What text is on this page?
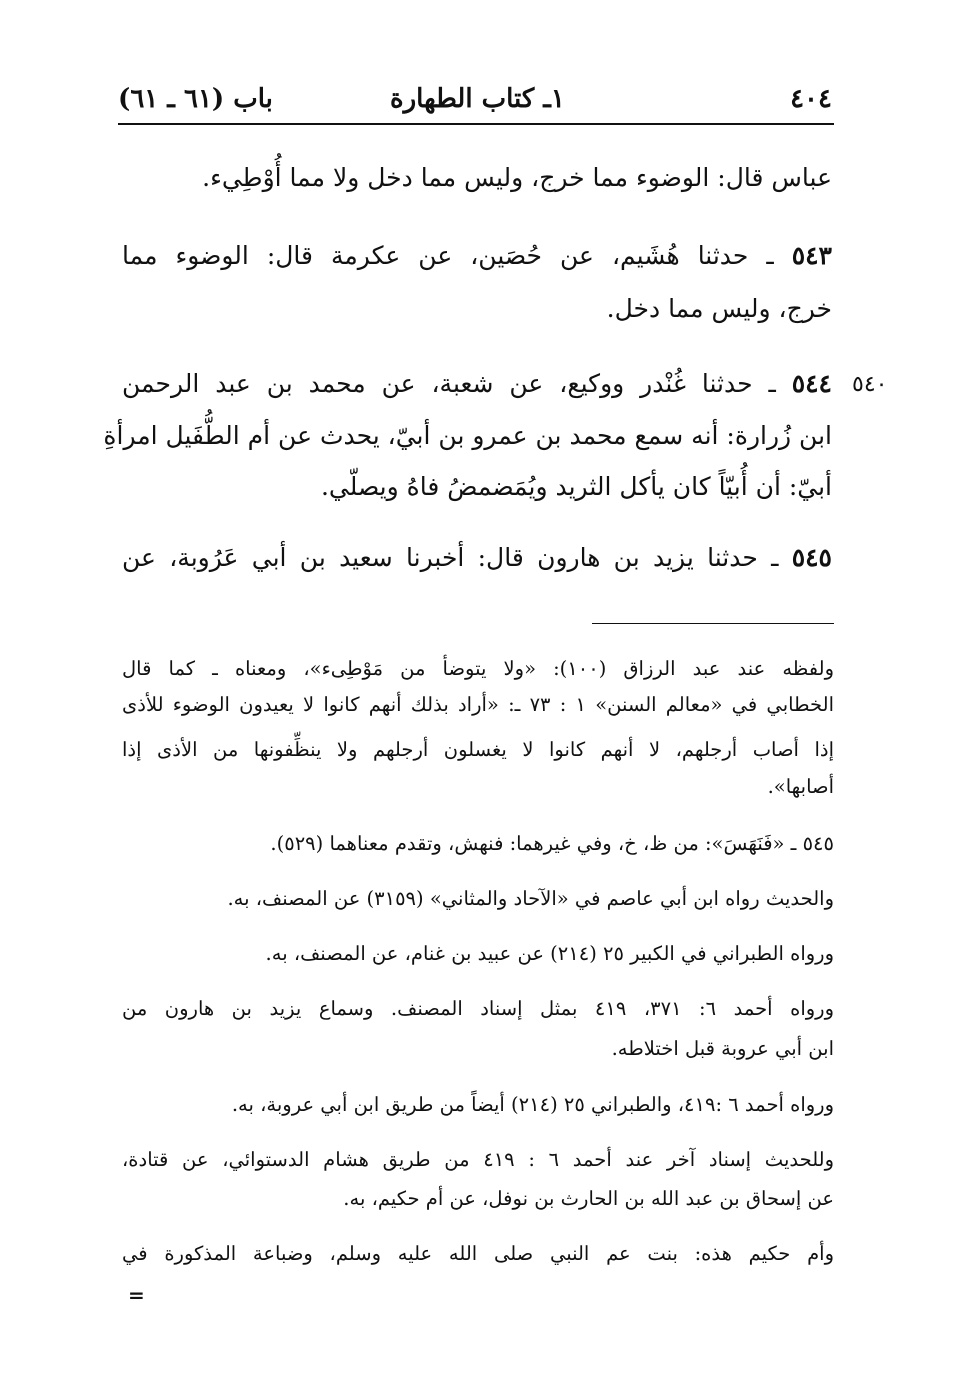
٤٠٤
١ـ كتاب الطهارة
باب (٦١ ـ ٦١)
عباس قال: الوضوء مما خرج، وليس مما دخل ولا مما أُوْطِيء.
٥٤٣ ـ حدثنا هُشَيم، عن حُصَين، عن عكرمة قال: الوضوء مما
خرج، وليس مما دخل.
٥٤٠
٥٤٤ ـ حدثنا غُنْدر ووكيع، عن شعبة، عن محمد بن عبد الرحمن
ابن زُرارة: أنه سمع محمد بن عمرو بن أبيّ، يحدث عن أم الطُّفَيل امرأةِ
أبيّ: أن أُبيّاً كان يأكل الثريد ويُمَضمضُ فاهُ ويصلّي.
٥٤٥ ـ حدثنا يزيد بن هارون قال: أخبرنا سعيد بن أبي عَرُوبة، عن
ولفظه عند عبد الرزاق (١٠٠): «ولا يتوضأ من مَوْطِىء»، ومعناه ـ كما قال
الخطابي في «معالم السنن» ١ : ٧٣ ـ: «أراد بذلك أنهم كانوا لا يعيدون الوضوء للأذى
إذا أصاب أرجلهم، لا أنهم كانوا لا يغسلون أرجلهم ولا ينظِّفونها من الأذى إذا
أصابها».
٥٤٥ ـ «فَنَهَسَ»: من ظ، خ، وفي غيرهما: فنهش، وتقدم معناهما (٥٢٩).
والحديث رواه ابن أبي عاصم في «الآحاد والمثاني» (٣١٥٩) عن المصنف، به.
ورواه الطبراني في الكبير ٢٥ (٢١٤) عن عبيد بن غنام، عن المصنف، به.
ورواه أحمد ٦: ٣٧١، ٤١٩ بمثل إسناد المصنف. وسماع يزيد بن هارون من
ابن أبي عروبة قبل اختلاطه.
ورواه أحمد ٦ :٤١٩، والطبراني ٢٥ (٢١٤) أيضاً من طريق ابن أبي عروبة، به.
وللحديث إسناد آخر عند أحمد ٦ : ٤١٩ من طريق هشام الدستوائي، عن قتادة،
عن إسحاق بن عبد الله بن الحارث بن نوفل، عن أم حكيم، به.
وأم حكيم هذه: بنت عم النبي صلى الله عليه وسلم، وضباعة المذكورة في
=
